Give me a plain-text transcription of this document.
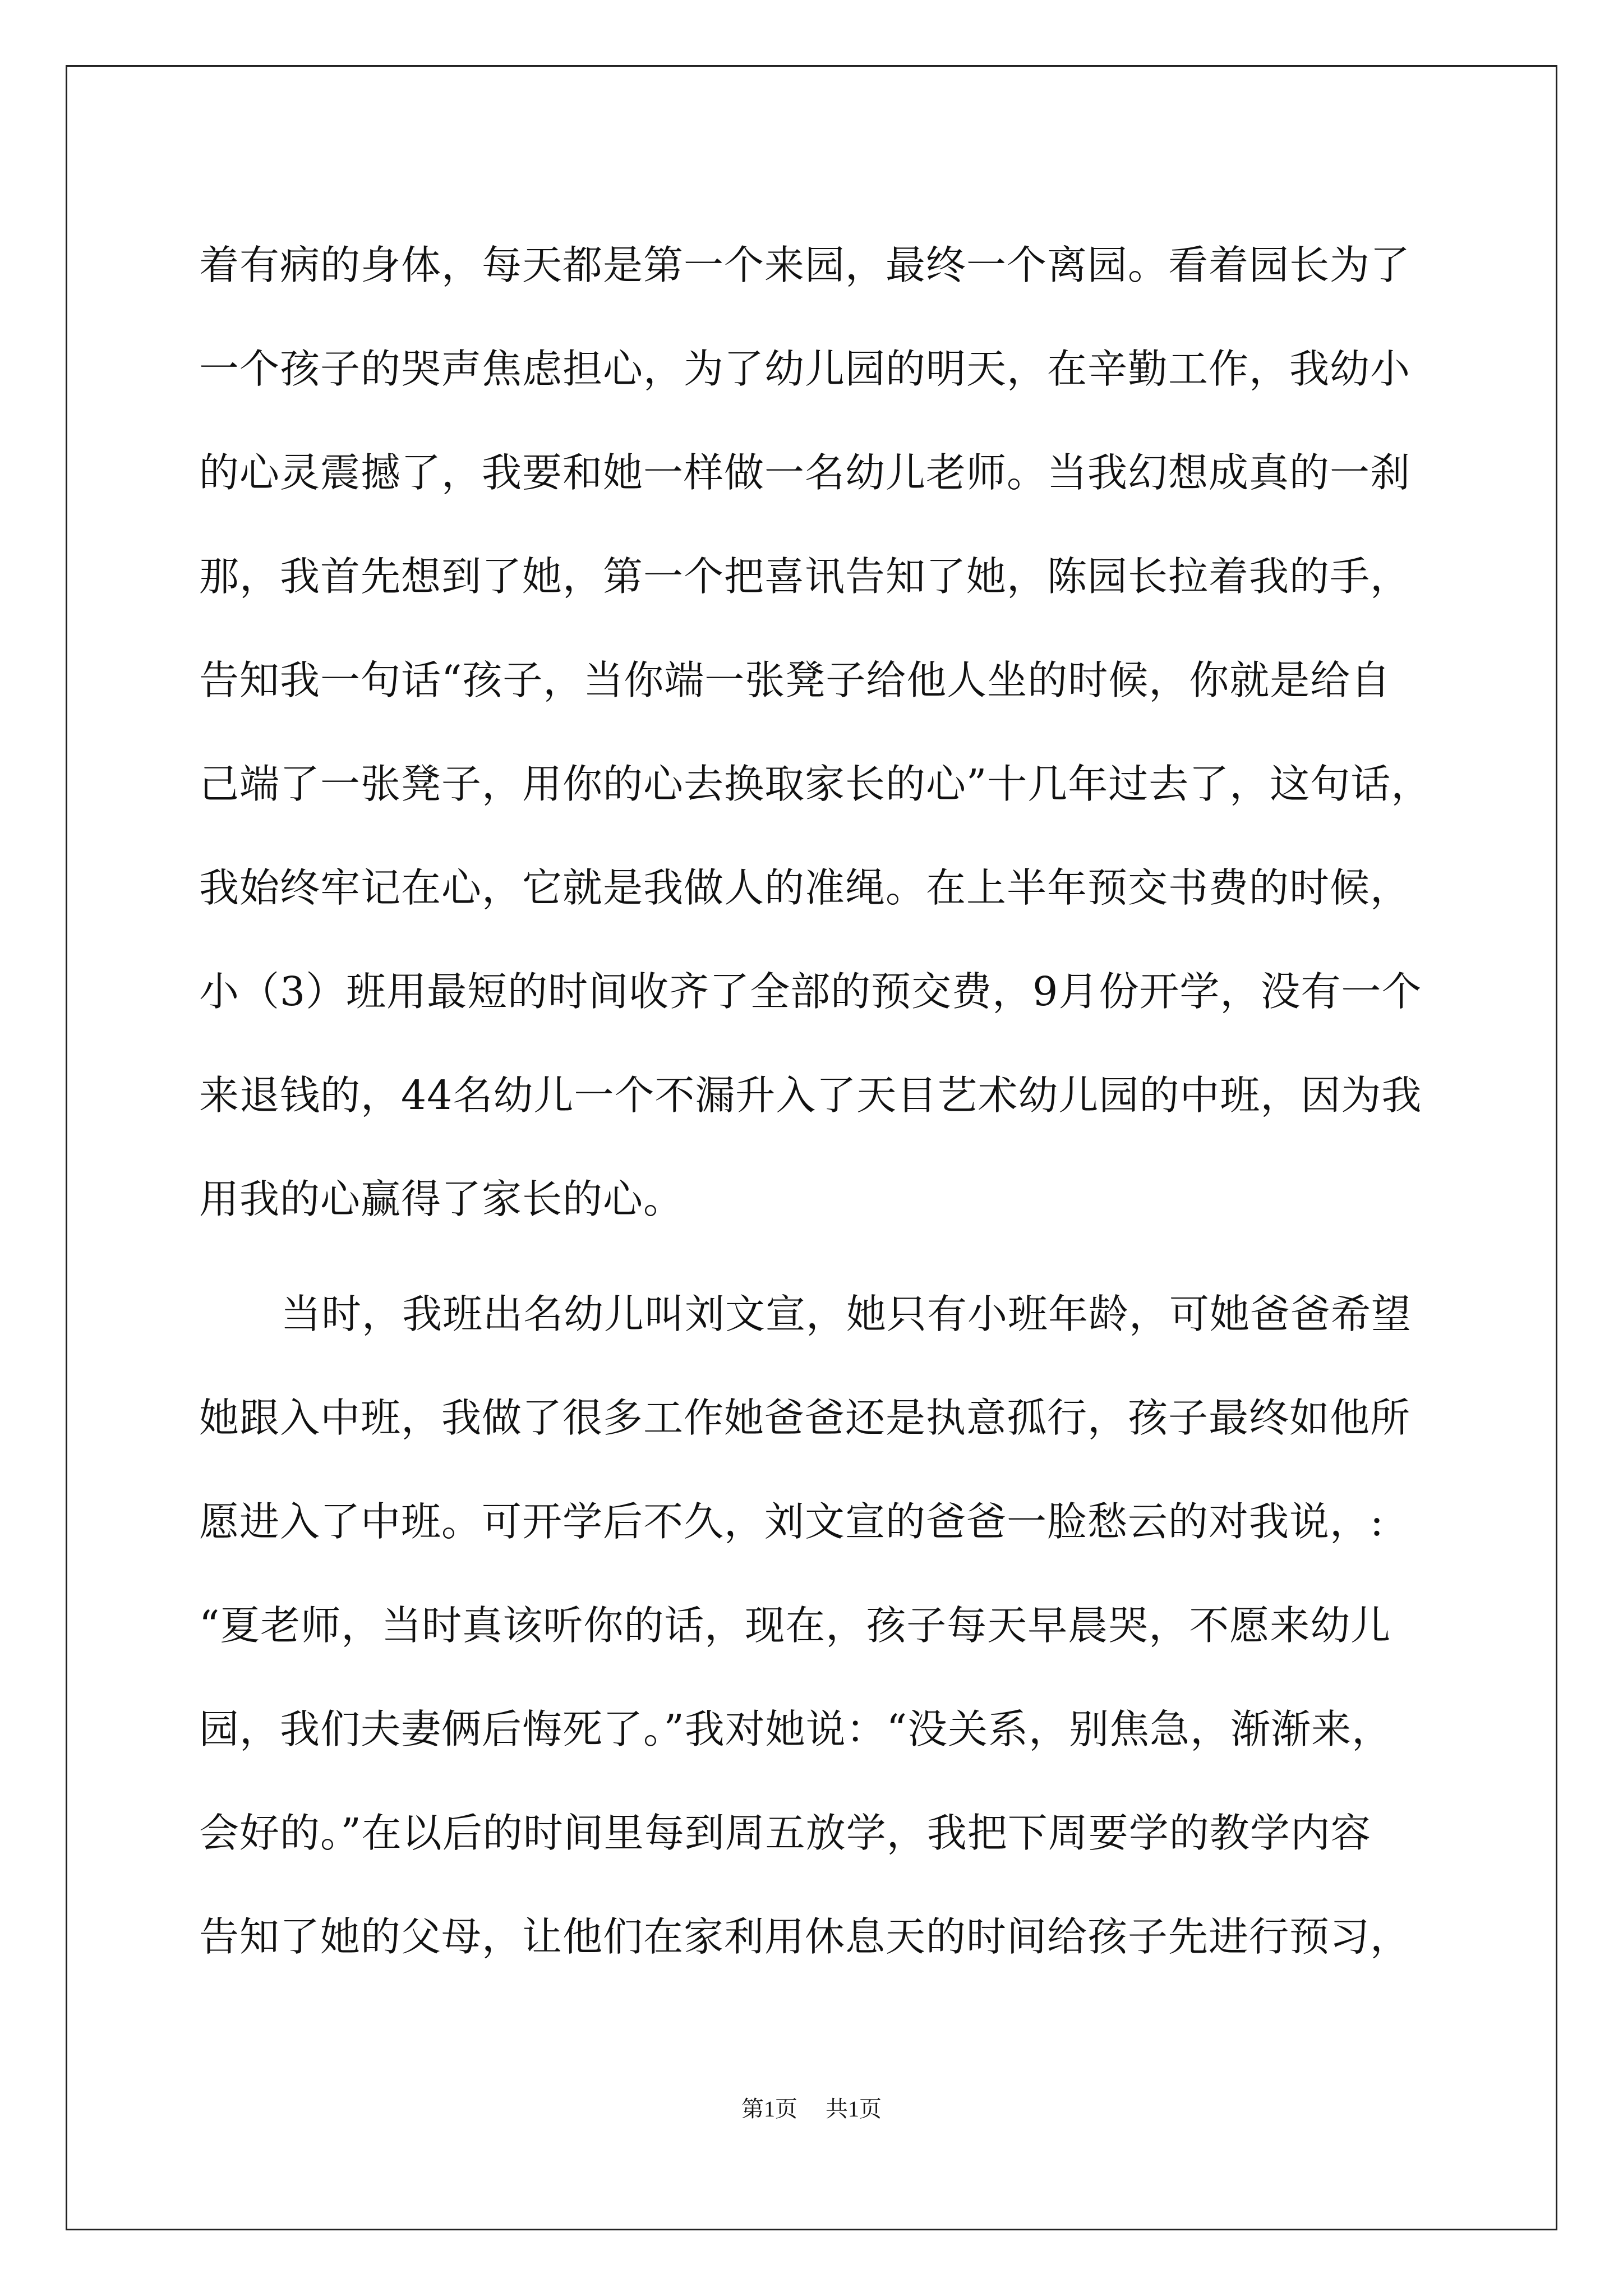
着有病的身体，每天都是第一个来园，最终一个离园。看着园长为了
一个孩子的哭声焦虑担心，为了幼儿园的明天，在辛勤工作，我幼小
的心灵震撼了，我要和她一样做一名幼儿老师。当我幻想成真的一刹
那，我首先想到了她，第一个把喜讯告知了她，陈园长拉着我的手，
告知我一句话“孩子，当你端一张凳子给他人坐的时候，你就是给自
己端了一张凳子，用你的心去换取家长的心”十几年过去了，这句话，
我始终牢记在心，它就是我做人的准绳。在上半年预交书费的时候，
小（3）班用最短的时间收齐了全部的预交费，9月份开学，没有一个
来退钱的，44名幼儿一个不漏升入了天目艺术幼儿园的中班，因为我
用我的心赢得了家长的心。
当时，我班出名幼儿叫刘文宣，她只有小班年龄，可她爸爸希望
她跟入中班，我做了很多工作她爸爸还是执意孤行，孩子最终如他所
愿进入了中班。可开学后不久，刘文宣的爸爸一脸愁云的对我说，:
“夏老师，当时真该听你的话，现在，孩子每天早晨哭，不愿来幼儿
园，我们夫妻俩后悔死了。”我对她说：“没关系，别焦急，渐渐来，
会好的。”在以后的时间里每到周五放学，我把下周要学的教学内容
告知了她的父母，让他们在家利用休息天的时间给孩子先进行预习，
第1页 共1页
